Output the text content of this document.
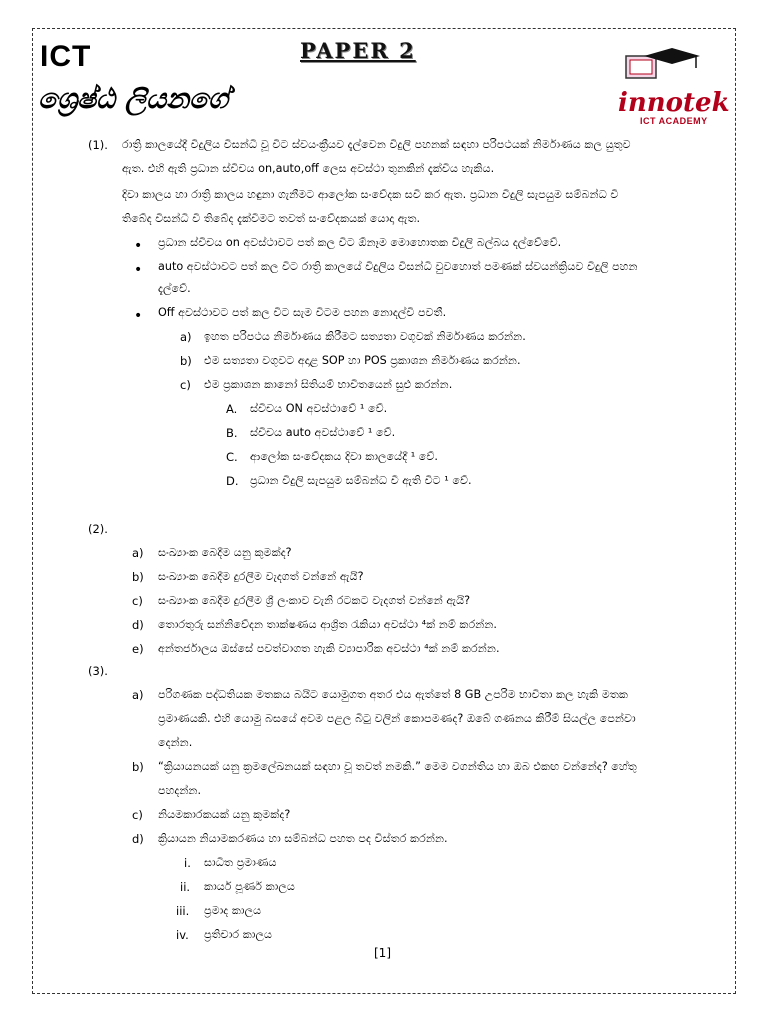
ICT
ශ්‍රෙෂ්ඨ ලියනගේ
PAPER 2
innotek
ICT ACADEMY
(1). රාත්‍රි කාලයේදී විදුලිය විසන්ධි වූ විට ස්වයංක්‍රීයව දැල්වෙන විදුලි පහනක් සඳහා පරිපථයක් නිර්මාණය කල යුතුව
ඇත. එහි ඇති ප්‍රධාන ස්විචය on,auto,off ලෙස අවස්ථා තුනකින් දැක්විය හැකිය.
දිවා කාලය හා රාත්‍රි කාලය හඳුනා ගැනීමට ආලෝක සංවේදක සවි කර ඇත. ප්‍රධාන විදුලි සැපයුම සම්බන්ධ වී
තිබේද විසන්ධි වී තිබේද දැක්වීමට තවත් සංවේදකයක් යොදා ඇත.
• ප්‍රධාන ස්විචය on අවස්ථාවට පත් කල විට ඕනෑම මොහොතක විදුලි බල්බය දල්වේවේ.
• auto අවස්ථාවට පත් කල විට රාත්‍රි කාලයේ විදුලිය විසන්ධි වුවහොත් පමණක් ස්වයන්ක්‍රියව විදුලි පහන
දැල්වේ.
• Off අවස්ථාවට පත් කල විට සැම විටම පහන නොදල්වී පවතී.
a) ඉහත පරිපථය නිර්මාණය කිරීමට සත්‍යතා වගුවක් නිර්මාණය කරන්න.
b) එම සත්‍යතා වගුවට අදාළ SOP හා POS ප්‍රකාශන නිර්මාණය කරන්න.
c) එම ප්‍රකාශන කානෝ සිතියම් භාවිතයෙන් සුළු කරන්න.
A. ස්විචය ON අවස්ථාවේ ¹ වේ.
B. ස්විචය auto අවස්ථාවේ ¹ වේ.
C. ආලෝක සංවේදකය දිවා කාලයේදී ¹ වේ.
D. ප්‍රධාන විදුලි සැපයුම සම්බන්ධ වී ඇති විට ¹ වේ.
(2).
a) සංඛ්‍යාංක බෙදීම යනු කුමක්ද?
b) සංඛ්‍යාංක බෙදීම දුරලීම වැදගත් වන්නේ ඇයි?
c) සංඛ්‍යාංක බෙදීම දුරලීම ශ්‍රී ලංකාව වැනි රටකට වැදගත් වන්නේ ඇයි?
d) තොරතුරු සන්නිවේදන තාක්ෂණය ආශ්‍රිත රැකියා අවස්ථා ⁴ක් නම් කරන්න.
e) අන්තර්ජාලය ඔස්සේ පවත්වාගත හැකි ව්‍යාපාරික අවස්ථා ⁴ක් නම් කරන්න.
(3).
a) පරිගණක පද්ධතියක මතකය බයිට යොමුගත අතර එය ඇත්තේ 8 GB උපරිම භාවිතා කල හැකි මතක
ප්‍රමාණයකි. එහි යොමු බසයේ අවම පළල බිටු වලින් කොපමණද? ඔබේ ගණනය කිරීම් සියල්ල පෙන්වා
දෙන්න.
b) “ක්‍රියායනයක් යනු ක්‍රමලේඛනයක් සඳහා වූ තවත් නමකි.” මෙම වගන්තිය හා ඔබ එකඟ වන්නේද? හේතු
පහදන්න.
c) නියමකාරකයක් යනු කුමක්ද?
d) ක්‍රියායන නියාමකරණය හා සම්බන්ධ පහත පද විස්තර කරන්න.
i. සාධිත ප්‍රමාණය
ii. කාර්ය පූර්ණ කාලය
iii. ප්‍රමාද කාලය
iv. ප්‍රතිචාර කාලය
[1]
